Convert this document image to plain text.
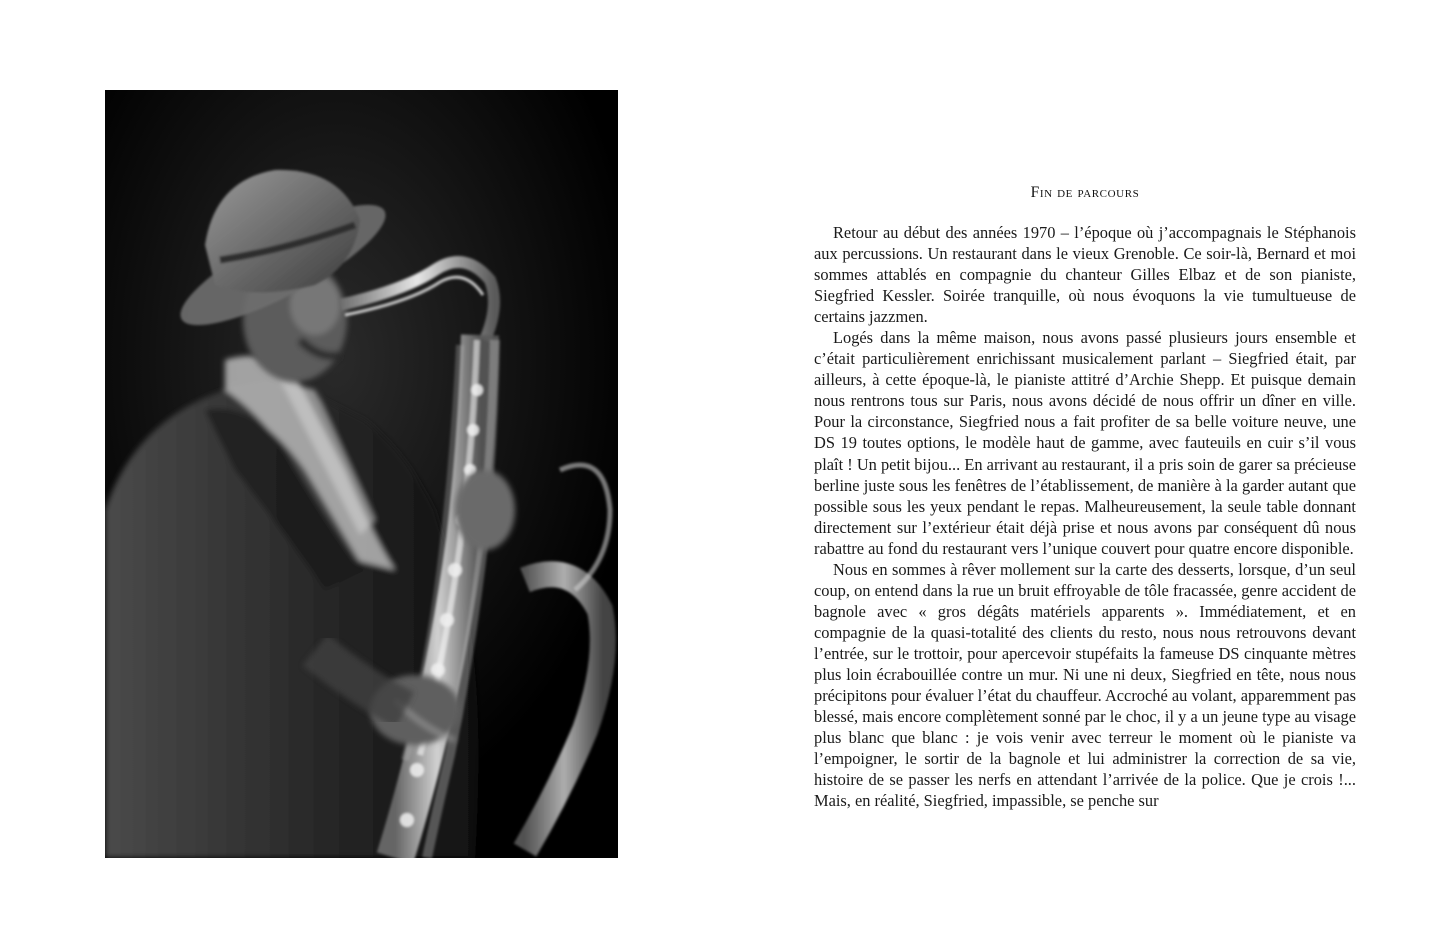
Fin de parcours

Retour au début des années 1970 – l’époque où j’accompagnais le Stéphanois aux percussions. Un restaurant dans le vieux Grenoble. Ce soir-là, Bernard et moi sommes attablés en compagnie du chanteur Gilles Elbaz et de son pianiste, Siegfried Kessler. Soirée tranquille, où nous évoquons la vie tumultueuse de certains jazzmen.

Logés dans la même maison, nous avons passé plusieurs jours ensemble et c’était particulièrement enrichissant musicalement parlant – Siegfried était, par ailleurs, à cette époque-là, le pianiste attitré d’Archie Shepp. Et puisque demain nous rentrons tous sur Paris, nous avons décidé de nous offrir un dîner en ville. Pour la circonstance, Siegfried nous a fait profiter de sa belle voiture neuve, une DS 19 toutes options, le modèle haut de gamme, avec fauteuils en cuir s’il vous plaît ! Un petit bijou... En arrivant au restaurant, il a pris soin de garer sa précieuse berline juste sous les fenêtres de l’établissement, de manière à la garder autant que possible sous les yeux pendant le repas. Malheureusement, la seule table donnant directement sur l’extérieur était déjà prise et nous avons par conséquent dû nous rabattre au fond du restaurant vers l’unique couvert pour quatre encore disponible.

Nous en sommes à rêver mollement sur la carte des desserts, lorsque, d’un seul coup, on entend dans la rue un bruit effroyable de tôle fracassée, genre accident de bagnole avec « gros dégâts matériels apparents ». Immédiatement, et en compagnie de la quasi-totalité des clients du resto, nous nous retrouvons devant l’entrée, sur le trottoir, pour apercevoir stupéfaits la fameuse DS cinquante mètres plus loin écrabouillée contre un mur. Ni une ni deux, Siegfried en tête, nous nous précipitons pour évaluer l’état du chauffeur. Accroché au volant, apparemment pas blessé, mais encore complètement sonné par le choc, il y a un jeune type au visage plus blanc que blanc : je vois venir avec terreur le moment où le pianiste va l’empoigner, le sortir de la bagnole et lui administrer la correction de sa vie, histoire de se passer les nerfs en attendant l’arrivée de la police. Que je crois !... Mais, en réalité, Siegfried, impassible, se penche sur
